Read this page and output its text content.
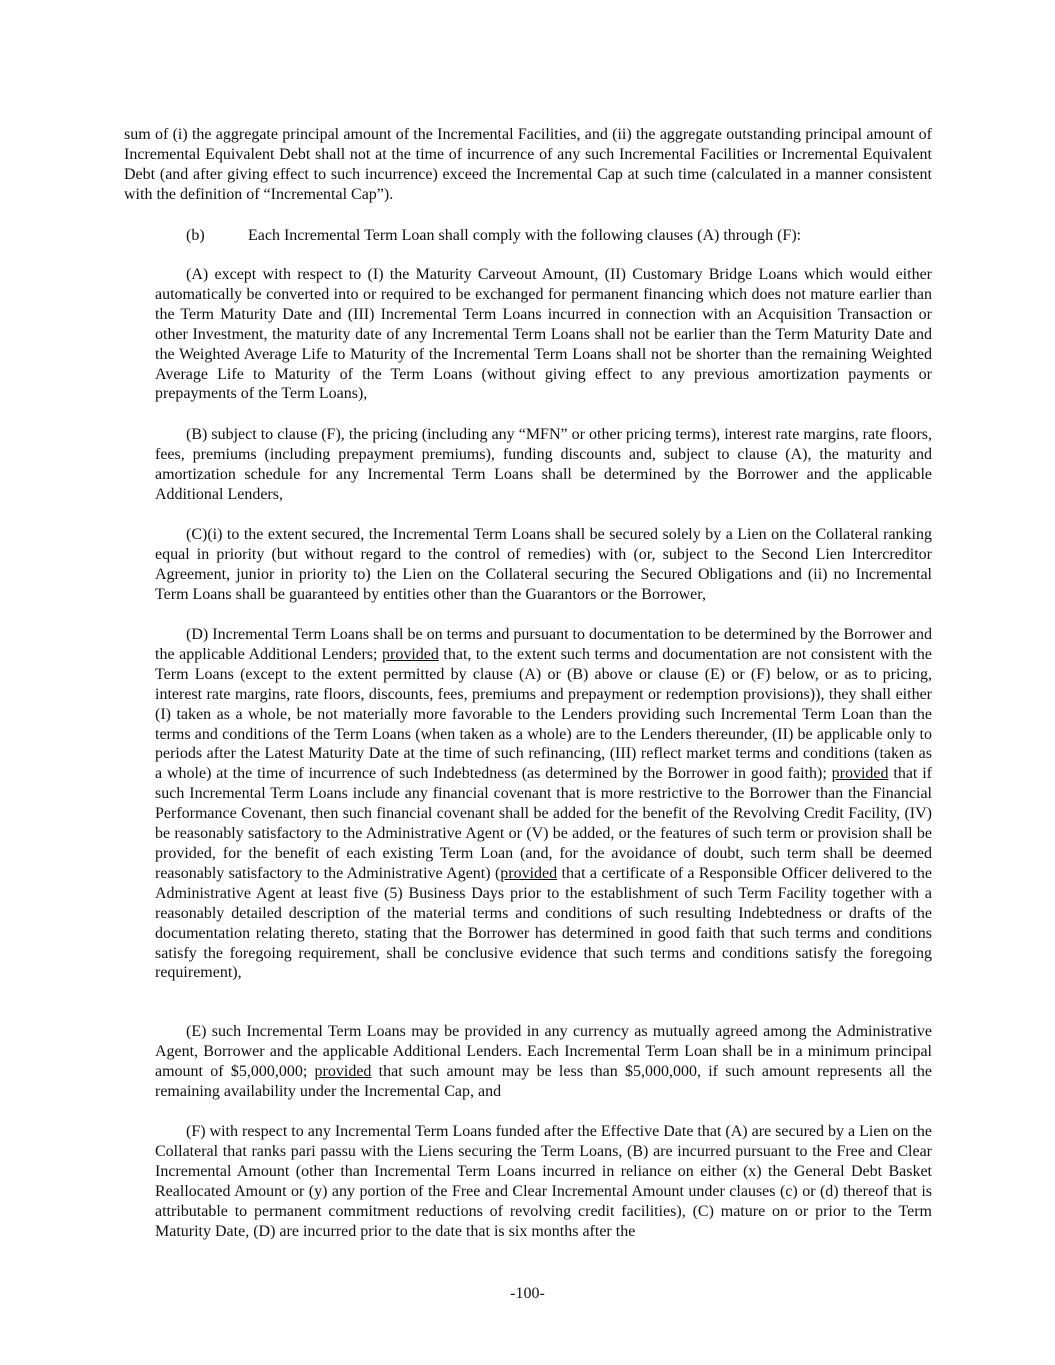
sum of (i) the aggregate principal amount of the Incremental Facilities, and (ii) the aggregate outstanding principal amount of Incremental Equivalent Debt shall not at the time of incurrence of any such Incremental Facilities or Incremental Equivalent Debt (and after giving effect to such incurrence) exceed the Incremental Cap at such time (calculated in a manner consistent with the definition of “Incremental Cap”).

(b)	Each Incremental Term Loan shall comply with the following clauses (A) through (F):

(A) except with respect to (I) the Maturity Carveout Amount, (II) Customary Bridge Loans which would either automatically be converted into or required to be exchanged for permanent financing which does not mature earlier than the Term Maturity Date and (III) Incremental Term Loans incurred in connection with an Acquisition Transaction or other Investment, the maturity date of any Incremental Term Loans shall not be earlier than the Term Maturity Date and the Weighted Average Life to Maturity of the Incremental Term Loans shall not be shorter than the remaining Weighted Average Life to Maturity of the Term Loans (without giving effect to any previous amortization payments or prepayments of the Term Loans),

(B) subject to clause (F), the pricing (including any “MFN” or other pricing terms), interest rate margins, rate floors, fees, premiums (including prepayment premiums), funding discounts and, subject to clause (A), the maturity and amortization schedule for any Incremental Term Loans shall be determined by the Borrower and the applicable Additional Lenders,

(C)(i) to the extent secured, the Incremental Term Loans shall be secured solely by a Lien on the Collateral ranking equal in priority (but without regard to the control of remedies) with (or, subject to the Second Lien Intercreditor Agreement, junior in priority to) the Lien on the Collateral securing the Secured Obligations and (ii) no Incremental Term Loans shall be guaranteed by entities other than the Guarantors or the Borrower,

(D) Incremental Term Loans shall be on terms and pursuant to documentation to be determined by the Borrower and the applicable Additional Lenders; provided that, to the extent such terms and documentation are not consistent with the Term Loans (except to the extent permitted by clause (A) or (B) above or clause (E) or (F) below, or as to pricing, interest rate margins, rate floors, discounts, fees, premiums and prepayment or redemption provisions)), they shall either (I) taken as a whole, be not materially more favorable to the Lenders providing such Incremental Term Loan than the terms and conditions of the Term Loans (when taken as a whole) are to the Lenders thereunder, (II) be applicable only to periods after the Latest Maturity Date at the time of such refinancing, (III) reflect market terms and conditions (taken as a whole) at the time of incurrence of such Indebtedness (as determined by the Borrower in good faith); provided that if such Incremental Term Loans include any financial covenant that is more restrictive to the Borrower than the Financial Performance Covenant, then such financial covenant shall be added for the benefit of the Revolving Credit Facility, (IV) be reasonably satisfactory to the Administrative Agent or (V) be added, or the features of such term or provision shall be provided, for the benefit of each existing Term Loan (and, for the avoidance of doubt, such term shall be deemed reasonably satisfactory to the Administrative Agent) (provided that a certificate of a Responsible Officer delivered to the Administrative Agent at least five (5) Business Days prior to the establishment of such Term Facility together with a reasonably detailed description of the material terms and conditions of such resulting Indebtedness or drafts of the documentation relating thereto, stating that the Borrower has determined in good faith that such terms and conditions satisfy the foregoing requirement, shall be conclusive evidence that such terms and conditions satisfy the foregoing requirement),

(E) such Incremental Term Loans may be provided in any currency as mutually agreed among the Administrative Agent, Borrower and the applicable Additional Lenders. Each Incremental Term Loan shall be in a minimum principal amount of $5,000,000; provided that such amount may be less than $5,000,000, if such amount represents all the remaining availability under the Incremental Cap, and

(F) with respect to any Incremental Term Loans funded after the Effective Date that (A) are secured by a Lien on the Collateral that ranks pari passu with the Liens securing the Term Loans, (B) are incurred pursuant to the Free and Clear Incremental Amount (other than Incremental Term Loans incurred in reliance on either (x) the General Debt Basket Reallocated Amount or (y) any portion of the Free and Clear Incremental Amount under clauses (c) or (d) thereof that is attributable to permanent commitment reductions of revolving credit facilities), (C) mature on or prior to the Term Maturity Date, (D) are incurred prior to the date that is six months after the

-100-
